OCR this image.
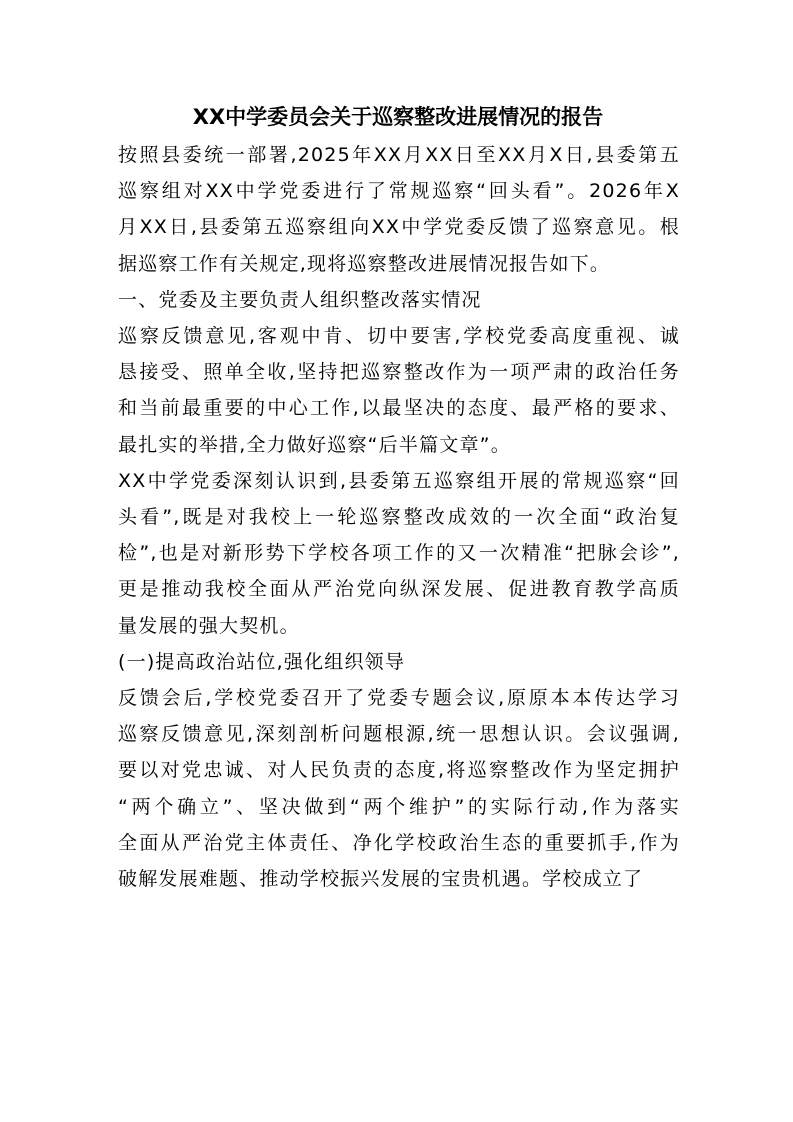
XX中学委员会关于巡察整改进展情况的报告

按照县委统一部署,2025年XX月XX日至XX月X日,县委第五
巡察组对XX中学党委进行了常规巡察“回头看”。2026年X
月XX日,县委第五巡察组向XX中学党委反馈了巡察意见。根
据巡察工作有关规定,现将巡察整改进展情况报告如下。

一、党委及主要负责人组织整改落实情况

巡察反馈意见,客观中肯、切中要害,学校党委高度重视、诚
恳接受、照单全收,坚持把巡察整改作为一项严肃的政治任务
和当前最重要的中心工作,以最坚决的态度、最严格的要求、
最扎实的举措,全力做好巡察“后半篇文章”。

XX中学党委深刻认识到,县委第五巡察组开展的常规巡察“回
头看”,既是对我校上一轮巡察整改成效的一次全面“政治复
检”,也是对新形势下学校各项工作的又一次精准“把脉会诊”,
更是推动我校全面从严治党向纵深发展、促进教育教学高质
量发展的强大契机。

(一)提高政治站位,强化组织领导

反馈会后,学校党委召开了党委专题会议,原原本本传达学习
巡察反馈意见,深刻剖析问题根源,统一思想认识。会议强调,
要以对党忠诚、对人民负责的态度,将巡察整改作为坚定拥护
“两个确立”、坚决做到“两个维护”的实际行动,作为落实
全面从严治党主体责任、净化学校政治生态的重要抓手,作为
破解发展难题、推动学校振兴发展的宝贵机遇。学校成立了
